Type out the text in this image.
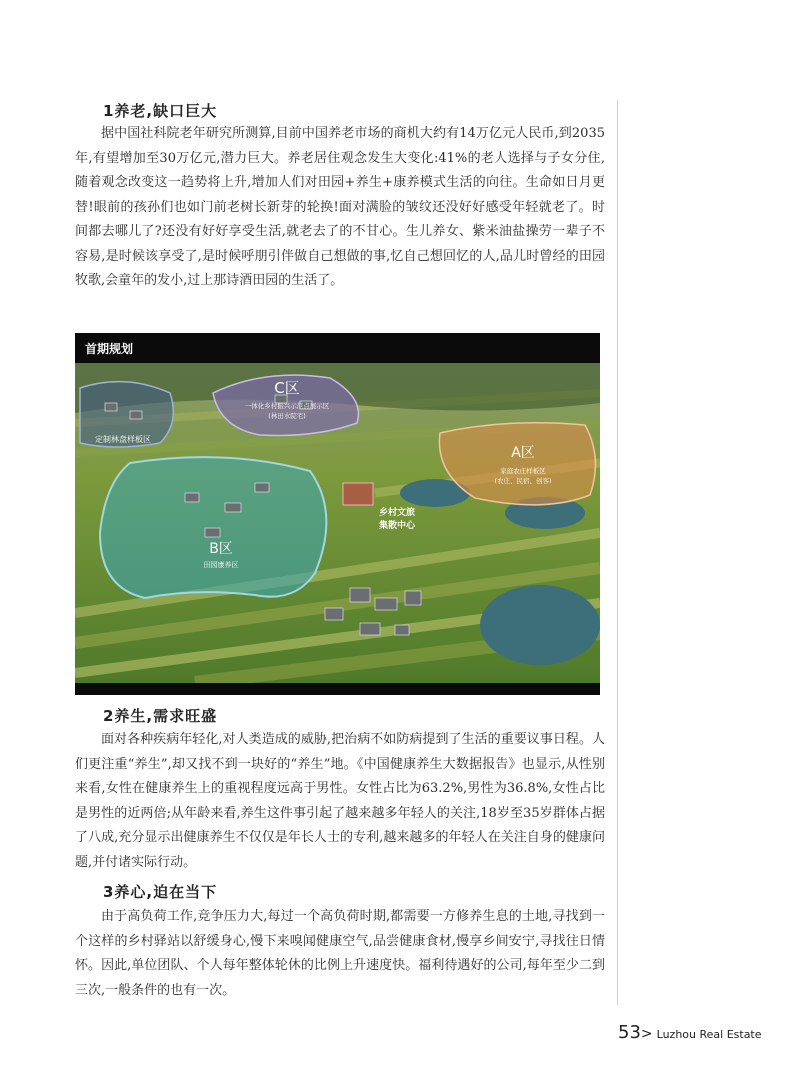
1养老,缺口巨大

据中国社科院老年研究所测算,目前中国养老市场的商机大约有14万亿元人民币,到2035年,有望增加至30万亿元,潜力巨大。养老居住观念发生大变化:41%的老人选择与子女分住,随着观念改变这一趋势将上升,增加人们对田园+养生+康养模式生活的向往。生命如日月更替!眼前的孩孙们也如门前老树长新芽的轮换!面对满脸的皱纹还没好好感受年轻就老了。时间都去哪儿了?还没有好好享受生活,就老去了的不甘心。生儿养女、紫米油盐操劳一辈子不容易,是时候该享受了,是时候呼朋引伴做自己想做的事,忆自己想回忆的人,品儿时曾经的田园牧歌,会童年的发小,过上那诗酒田园的生活了。

首期规划
C区
一体化乡村振兴示范点展示区
(林田水院宅)
定制林盘样板区
A区
家庭农庄样板区
(农庄、民宿、创客)
B区
田园康养区
乡村文旅
集散中心
2养生,需求旺盛

面对各种疾病年轻化,对人类造成的威胁,把治病不如防病提到了生活的重要议事日程。人们更注重“养生”,却又找不到一块好的“养生”地。《中国健康养生大数据报告》也显示,从性别来看,女性在健康养生上的重视程度远高于男性。女性占比为63.2%,男性为36.8%,女性占比是男性的近两倍;从年龄来看,养生这件事引起了越来越多年轻人的关注,18岁至35岁群体占据了八成,充分显示出健康养生不仅仅是年长人士的专利,越来越多的年轻人在关注自身的健康问题,并付诸实际行动。

3养心,迫在当下

由于高负荷工作,竞争压力大,每过一个高负荷时期,都需要一方修养生息的土地,寻找到一个这样的乡村驿站以舒缓身心,慢下来嗅闻健康空气,品尝健康食材,慢享乡间安宁,寻找往日情怀。因此,单位团队、个人每年整体轮休的比例上升速度快。福利待遇好的公司,每年至少二到三次,一般条件的也有一次。

53> Luzhou Real Estate
